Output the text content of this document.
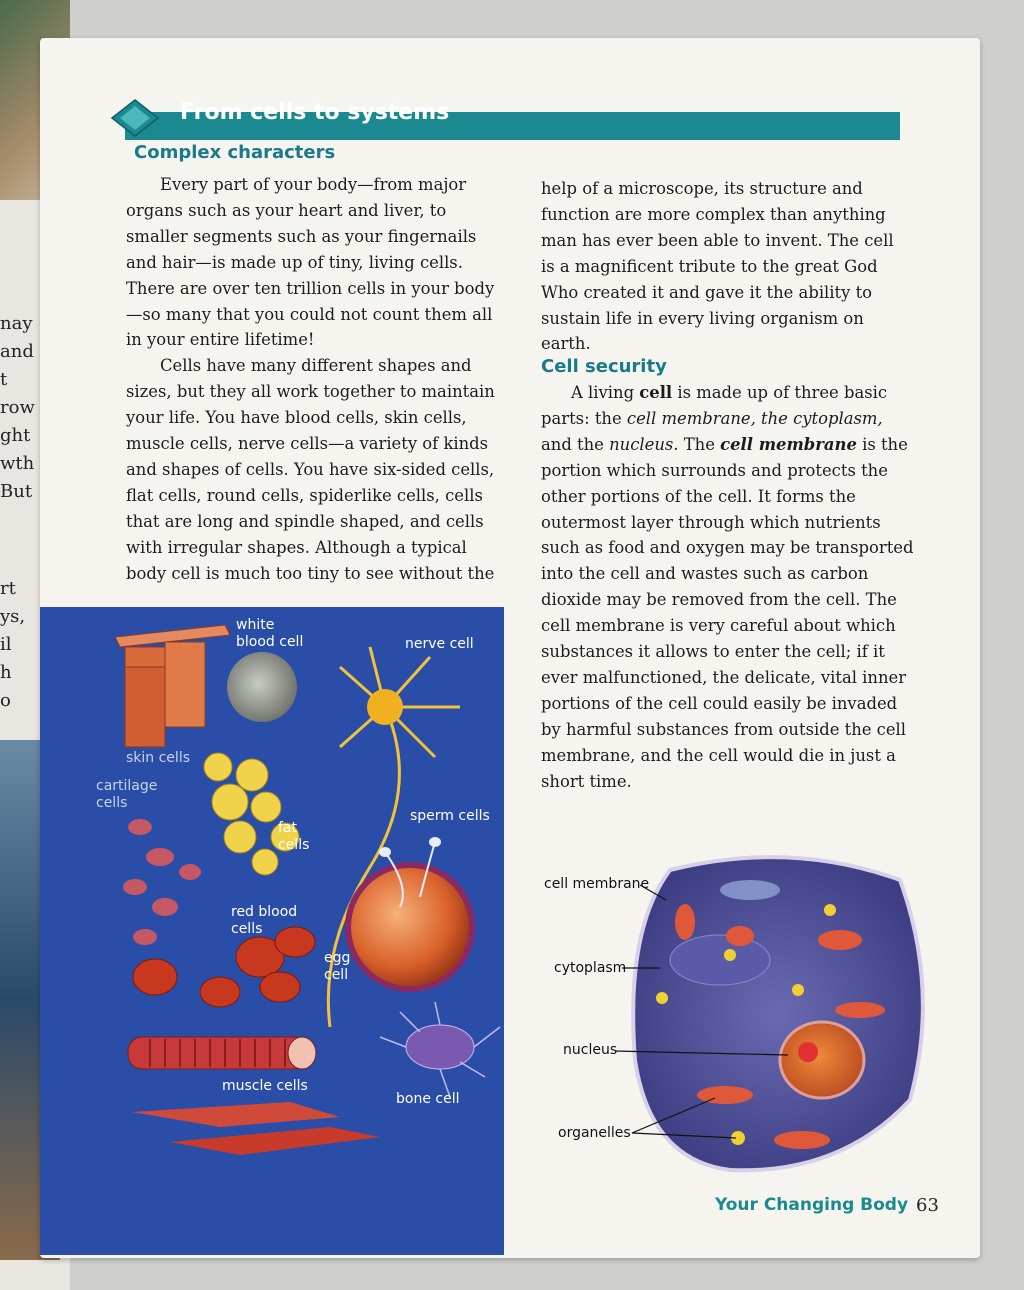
nay
and
t
row
ght
wth
But
rt
ys,
il
h
o
From cells to systems
Complex characters

Every part of your body—from major organs such as your heart and liver, to smaller segments such as your fingernails and hair—is made up of tiny, living cells. There are over ten trillion cells in your body—so many that you could not count them all in your entire lifetime!

Cells have many different shapes and sizes, but they all work together to maintain your life. You have blood cells, skin cells, muscle cells, nerve cells—a variety of kinds and shapes of cells. You have six-sided cells, flat cells, round cells, spiderlike cells, cells that are long and spindle shaped, and cells with irregular shapes. Although a typical body cell is much too tiny to see without the

help of a microscope, its structure and function are more complex than anything man has ever been able to invent. The cell is a magnificent tribute to the great God Who created it and gave it the ability to sustain life in every living organism on earth.

Cell security

A living cell is made up of three basic parts: the cell membrane, the cytoplasm, and the nucleus. The cell membrane is the portion which surrounds and protects the other portions of the cell. It forms the outermost layer through which nutrients such as food and oxygen may be transported into the cell and wastes such as carbon dioxide may be removed from the cell. The cell membrane is very careful about which substances it allows to enter the cell; if it ever malfunctioned, the delicate, vital inner portions of the cell could easily be invaded by harmful substances from outside the cell membrane, and the cell would die in just a short time.

white
blood cell	nerve cell
skin cells
cartilage
cells
fat
cells
sperm cells
red blood
cells
egg
cell
muscle cells
bone cell
cell membrane
cytoplasm
nucleus
organelles
Your Changing Body 63
